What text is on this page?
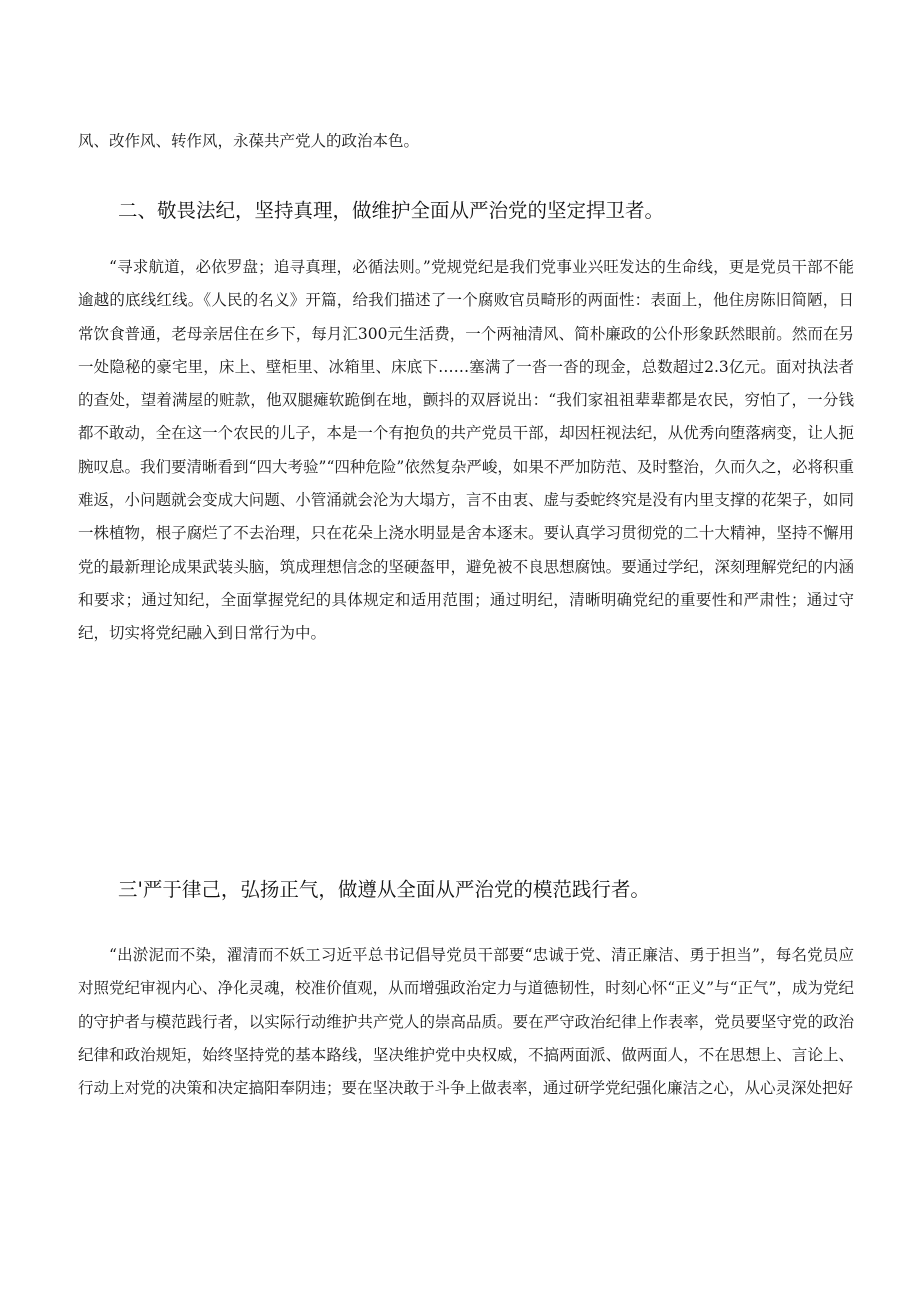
风、改作风、转作风，永葆共产党人的政治本色。

二、敬畏法纪，坚持真理，做维护全面从严治党的坚定捍卫者。

“寻求航道，必依罗盘；追寻真理，必循法则。”党规党纪是我们党事业兴旺发达的生命线，更是党员干部不能逾越的底线红线。《人民的名义》开篇，给我们描述了一个腐败官员畸形的两面性：表面上，他住房陈旧简陋，日常饮食普通，老母亲居住在乡下，每月汇300元生活费，一个两袖清风、简朴廉政的公仆形象跃然眼前。然而在另一处隐秘的豪宅里，床上、壁柜里、冰箱里、床底下……塞满了一沓一沓的现金，总数超过2.3亿元。面对执法者的查处，望着满屋的赃款，他双腿瘫软跪倒在地，颤抖的双唇说出：“我们家祖祖辈辈都是农民，穷怕了，一分钱都不敢动，全在这一个农民的儿子，本是一个有抱负的共产党员干部，却因枉视法纪，从优秀向堕落病变，让人扼腕叹息。我们要清晰看到“四大考验”“四种危险”依然复杂严峻，如果不严加防范、及时整治，久而久之，必将积重难返，小问题就会变成大问题、小管涌就会沦为大塌方，言不由衷、虚与委蛇终究是没有内里支撑的花架子，如同一株植物，根子腐烂了不去治理，只在花朵上浇水明显是舍本逐末。要认真学习贯彻党的二十大精神，坚持不懈用党的最新理论成果武装头脑，筑成理想信念的坚硬盔甲，避免被不良思想腐蚀。要通过学纪，深刻理解党纪的内涵和要求；通过知纪，全面掌握党纪的具体规定和适用范围；通过明纪，清晰明确党纪的重要性和严肃性；通过守纪，切实将党纪融入到日常行为中。

三'严于律己，弘扬正气，做遵从全面从严治党的模范践行者。

“出淤泥而不染，濯清而不妖工习近平总书记倡导党员干部要“忠诚于党、清正廉洁、勇于担当”，每名党员应对照党纪审视内心、净化灵魂，校准价值观，从而增强政治定力与道德韧性，时刻心怀“正义”与“正气”，成为党纪的守护者与模范践行者，以实际行动维护共产党人的崇高品质。要在严守政治纪律上作表率，党员要坚守党的政治纪律和政治规矩，始终坚持党的基本路线，坚决维护党中央权威，不搞两面派、做两面人，不在思想上、言论上、行动上对党的决策和决定搞阳奉阴违；要在坚决敢于斗争上做表率，通过研学党纪强化廉洁之心，从心灵深处把好
